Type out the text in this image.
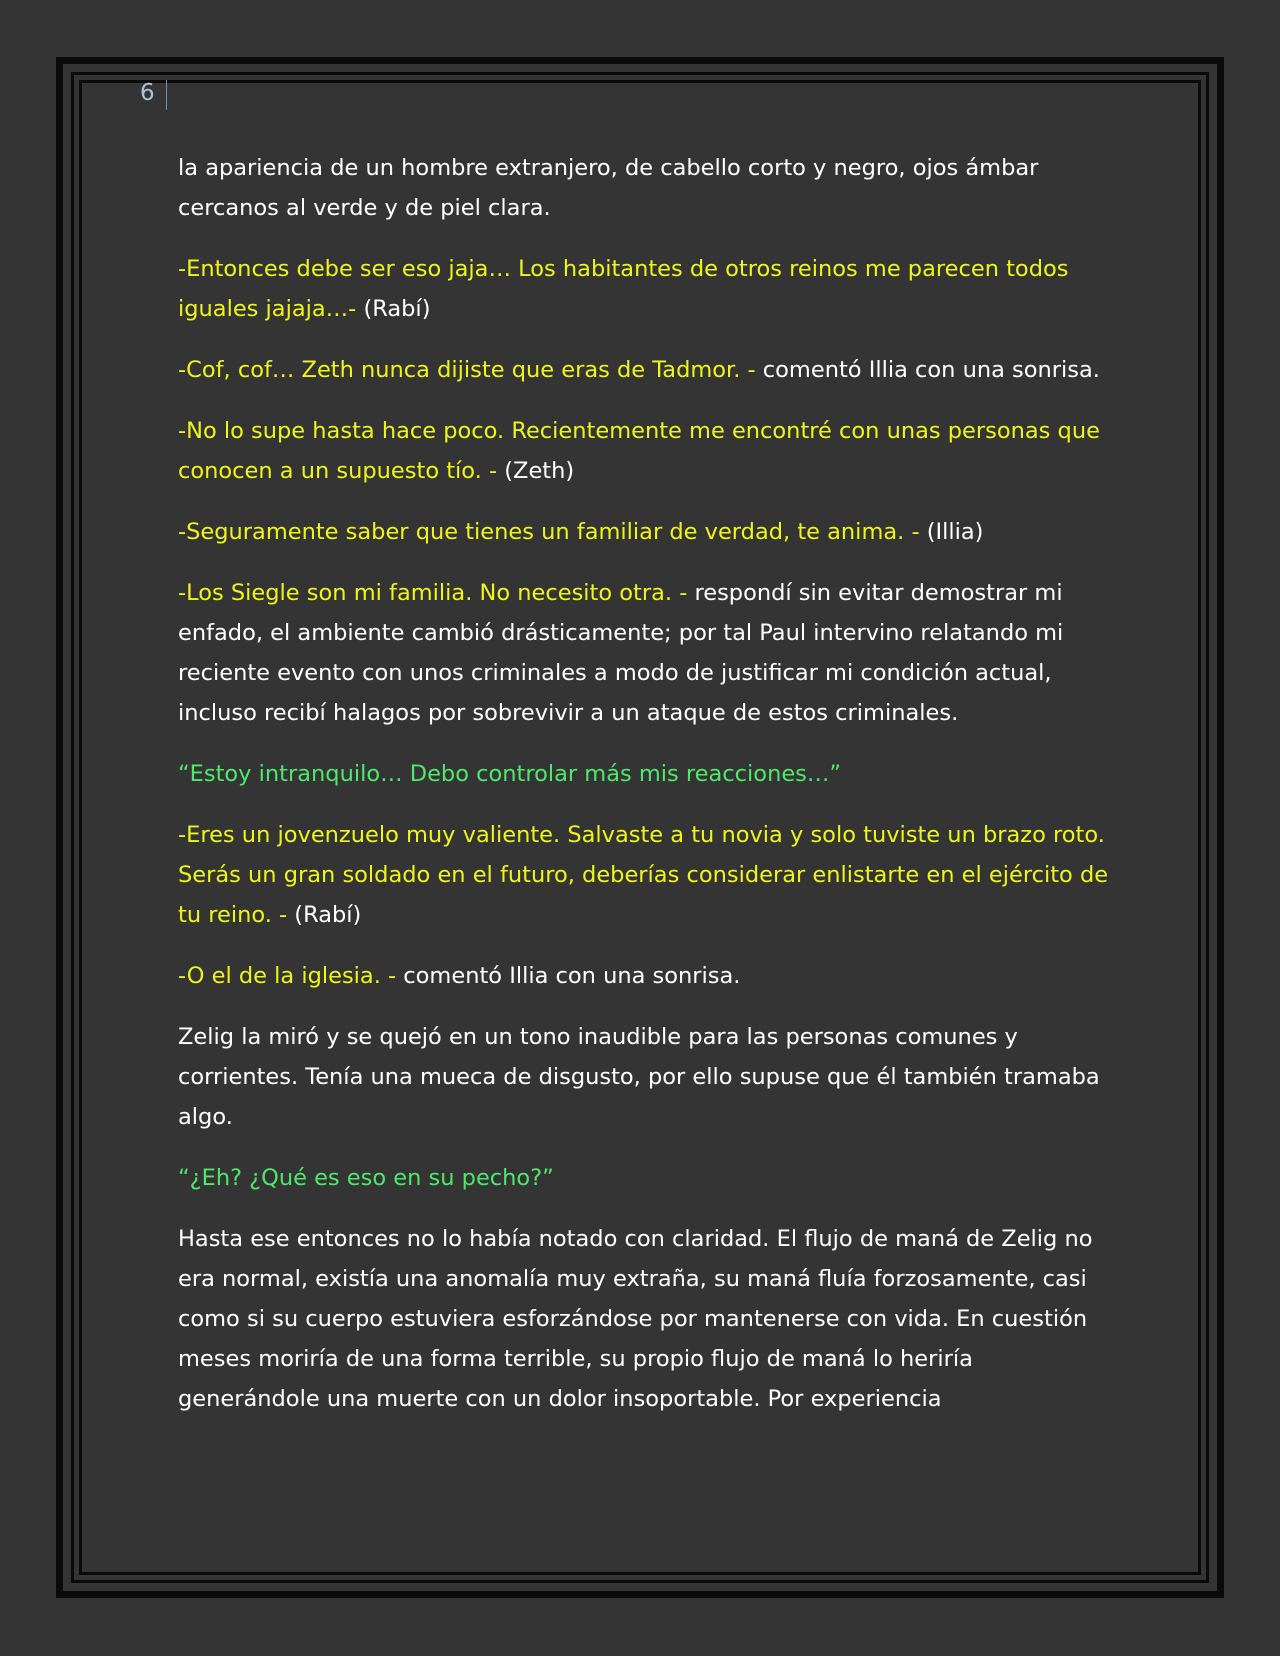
6

la apariencia de un hombre extranjero, de cabello corto y negro, ojos ámbar cercanos al verde y de piel clara.

-Entonces debe ser eso jaja… Los habitantes de otros reinos me parecen todos iguales jajaja…- (Rabí)

-Cof, cof… Zeth nunca dijiste que eras de Tadmor. - comentó Illia con una sonrisa.

-No lo supe hasta hace poco. Recientemente me encontré con unas personas que conocen a un supuesto tío. - (Zeth)

-Seguramente saber que tienes un familiar de verdad, te anima. - (Illia)

-Los Siegle son mi familia. No necesito otra. - respondí sin evitar demostrar mi enfado, el ambiente cambió drásticamente; por tal Paul intervino relatando mi reciente evento con unos criminales a modo de justificar mi condición actual, incluso recibí halagos por sobrevivir a un ataque de estos criminales.

“Estoy intranquilo… Debo controlar más mis reacciones…”

-Eres un jovenzuelo muy valiente. Salvaste a tu novia y solo tuviste un brazo roto. Serás un gran soldado en el futuro, deberías considerar enlistarte en el ejército de tu reino. - (Rabí)

-O el de la iglesia. - comentó Illia con una sonrisa.

Zelig la miró y se quejó en un tono inaudible para las personas comunes y corrientes. Tenía una mueca de disgusto, por ello supuse que él también tramaba algo.

“¿Eh? ¿Qué es eso en su pecho?”

Hasta ese entonces no lo había notado con claridad. El flujo de maná de Zelig no era normal, existía una anomalía muy extraña, su maná fluía forzosamente, casi como si su cuerpo estuviera esforzándose por mantenerse con vida. En cuestión meses moriría de una forma terrible, su propio flujo de maná lo heriría generándole una muerte con un dolor insoportable. Por experiencia
